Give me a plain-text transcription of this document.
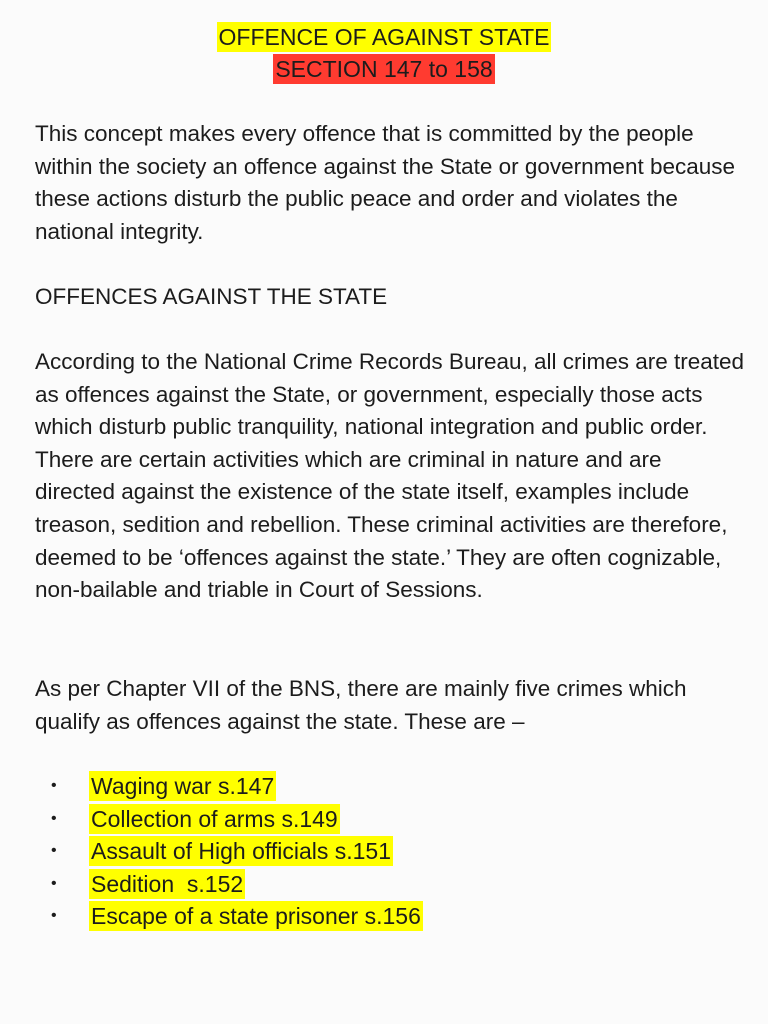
OFFENCE OF AGAINST STATE
SECTION 147 to 158

This concept makes every offence that is committed by the people within the society an offence against the State or government because these actions disturb the public peace and order and violates the national integrity.

OFFENCES AGAINST THE STATE

According to the National Crime Records Bureau, all crimes are treated as offences against the State, or government, especially those acts which disturb public tranquility, national integration and public order. There are certain activities which are criminal in nature and are directed against the existence of the state itself, examples include treason, sedition and rebellion. These criminal activities are therefore, deemed to be ‘offences against the state.’ They are often cognizable, non-bailable and triable in Court of Sessions.

As per Chapter VII of the BNS, there are mainly five crimes which qualify as offences against the state. These are –

• Waging war s.147
• Collection of arms s.149
• Assault of High officials s.151
• Sedition  s.152
• Escape of a state prisoner s.156
